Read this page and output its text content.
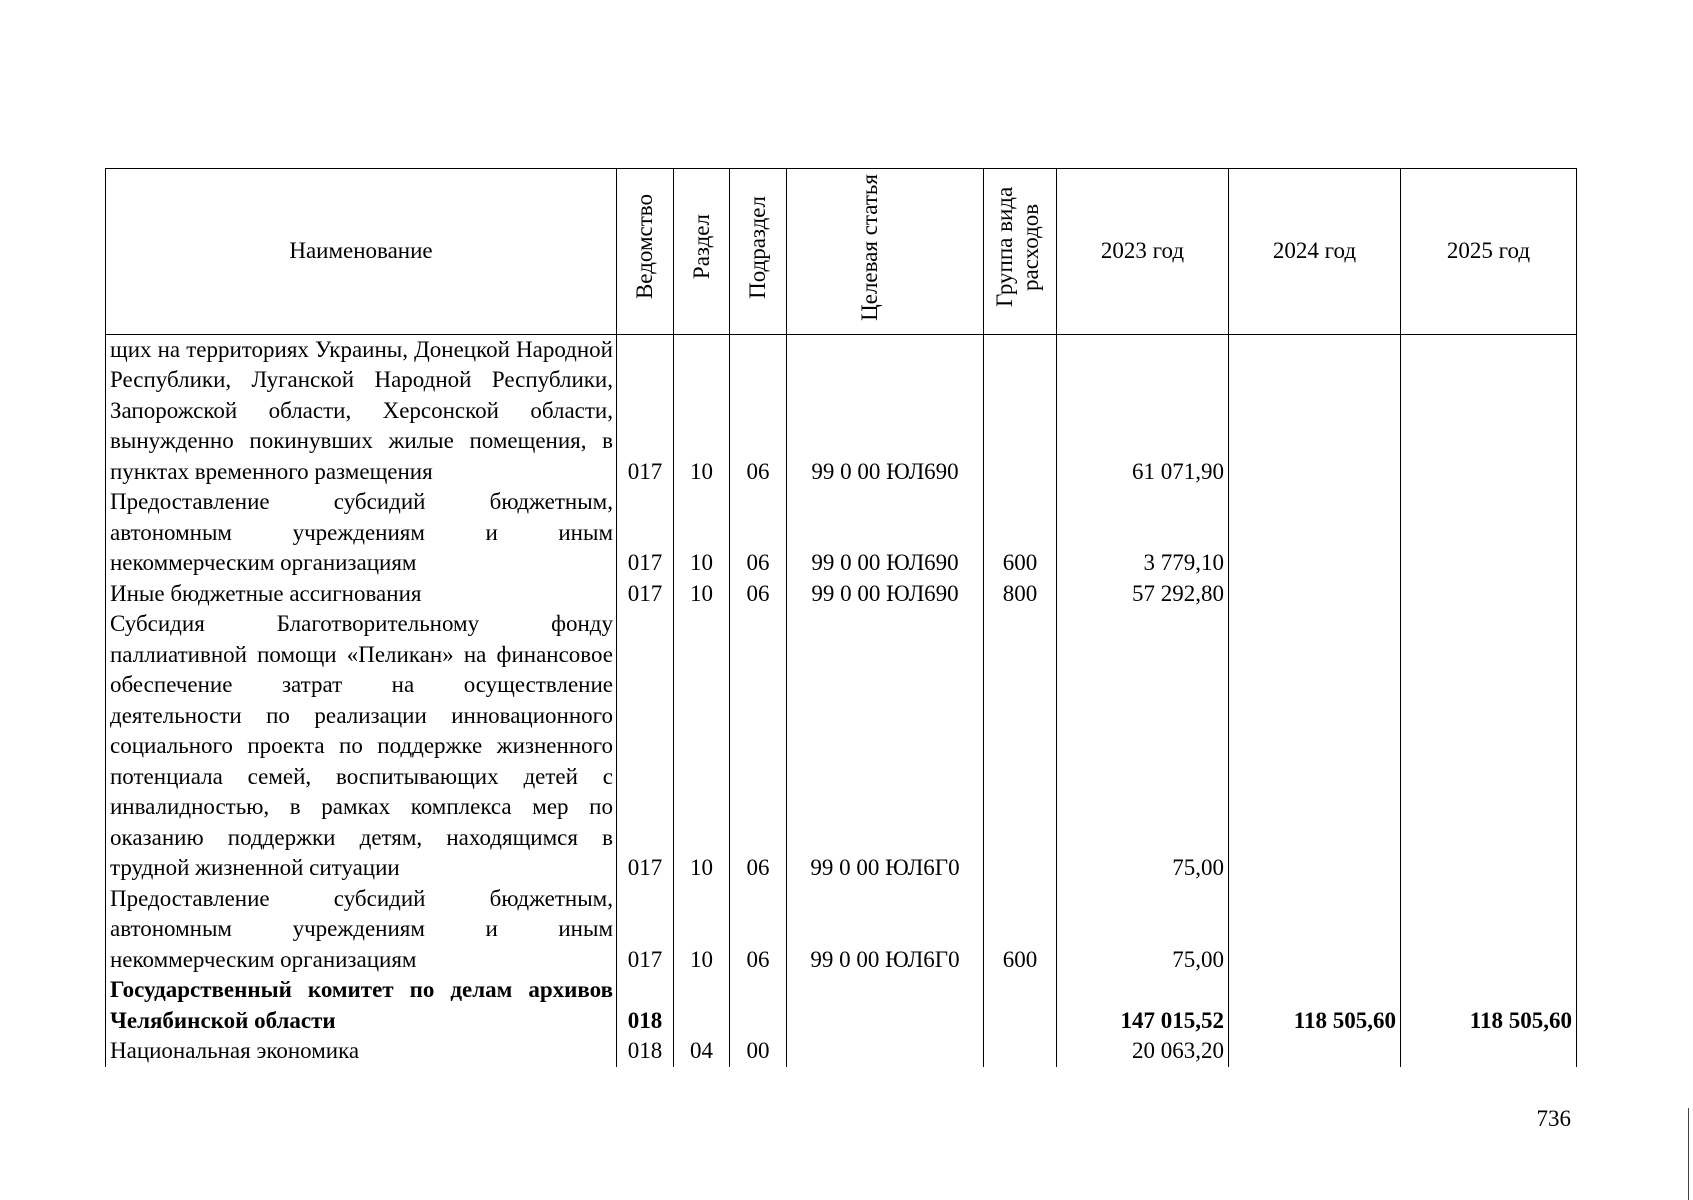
Наименование	Ведомство	Раздел	Подраздел	Целевая статья	Группа вида расходов	2023 год	2024 год	2025 год
щих на территориях Украины, Донецкой Народной Республики, Луганской Народной Республики, Запорожской области, Херсонской области, вынужденно покинувших жилые помещения, в пунктах временного размещения	017	10	06	99 0 00 ЮЛ690		61 071,90		
Предоставление субсидий бюджетным, автономным учреждениям и иным некоммерческим организациям	017	10	06	99 0 00 ЮЛ690	600	3 779,10		
Иные бюджетные ассигнования	017	10	06	99 0 00 ЮЛ690	800	57 292,80		
Субсидия Благотворительному фонду паллиативной помощи «Пеликан» на финансовое обеспечение затрат на осуществление деятельности по реализации инновационного социального проекта по поддержке жизненного потенциала семей, воспитывающих детей с инвалидностью, в рамках комплекса мер по оказанию поддержки детям, находящимся в трудной жизненной ситуации	017	10	06	99 0 00 ЮЛ6Г0		75,00		
Предоставление субсидий бюджетным, автономным учреждениям и иным некоммерческим организациям	017	10	06	99 0 00 ЮЛ6Г0	600	75,00		
Государственный комитет по делам архивов Челябинской области	018					147 015,52	118 505,60	118 505,60
Национальная экономика	018	04	00			20 063,20		
736
